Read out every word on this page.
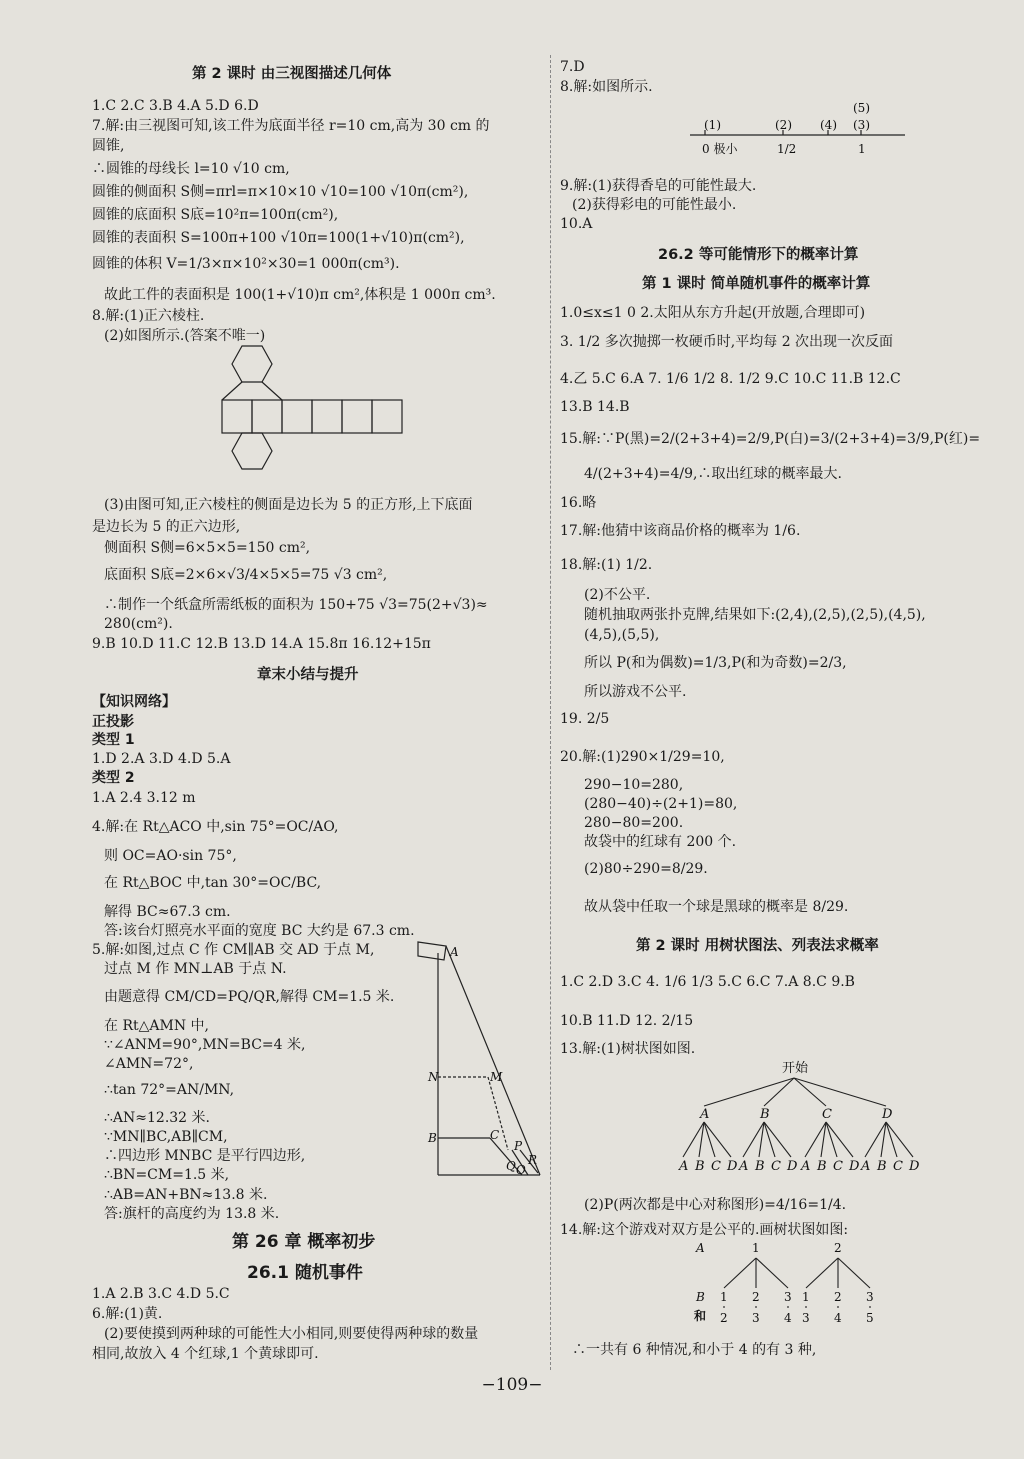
第 2 课时 由三视图描述几何体
1.C 2.C 3.B 4.A 5.D 6.D
7.解:由三视图可知,该工件为底面半径 r=10 cm,高为 30 cm 的
圆锥,
∴圆锥的母线长 l=10 √10 cm,
圆锥的侧面积 S侧=πrl=π×10×10 √10=100 √10π(cm²),
圆锥的底面积 S底=10²π=100π(cm²),
圆锥的表面积 S=100π+100 √10π=100(1+√10)π(cm²),
圆锥的体积 V=1/3×π×10²×30=1 000π(cm³).
故此工件的表面积是 100(1+√10)π cm²,体积是 1 000π cm³.
8.解:(1)正六棱柱.
(2)如图所示.(答案不唯一)
(3)由图可知,正六棱柱的侧面是边长为 5 的正方形,上下底面
是边长为 5 的正六边形,
侧面积 S侧=6×5×5=150 cm²,
底面积 S底=2×6×√3/4×5×5=75 √3 cm²,
∴制作一个纸盒所需纸板的面积为 150+75 √3=75(2+√3)≈
280(cm²).
9.B 10.D 11.C 12.B 13.D 14.A 15.8π 16.12+15π
章末小结与提升
【知识网络】
正投影
类型 1
1.D 2.A 3.D 4.D 5.A
类型 2
1.A 2.4 3.12 m
4.解:在 Rt△ACO 中,sin 75°=OC/AO,
则 OC=AO·sin 75°,
在 Rt△BOC 中,tan 30°=OC/BC,
解得 BC≈67.3 cm.
答:该台灯照亮水平面的宽度 BC 大约是 67.3 cm.
5.解:如图,过点 C 作 CM∥AB 交 AD 于点 M,
过点 M 作 MN⊥AB 于点 N.
由题意得 CM/CD=PQ/QR,解得 CM=1.5 米.
在 Rt△AMN 中,
∵∠ANM=90°,MN=BC=4 米,
∠AMN=72°,
∴tan 72°=AN/MN,
∴AN≈12.32 米.
∵MN∥BC,AB∥CM,
∴四边形 MNBC 是平行四边形,
∴BN=CM=1.5 米,
∴AB=AN+BN≈13.8 米.
答:旗杆的高度约为 13.8 米.
第 26 章 概率初步
26.1 随机事件
1.A 2.B 3.C 4.D 5.C
6.解:(1)黄.
(2)要使摸到两种球的可能性大小相同,则要使得两种球的数量
相同,故放入 4 个红球,1 个黄球即可.
7.D
8.解:如图所示.
9.解:(1)获得香皂的可能性最大.
(2)获得彩电的可能性最小.
10.A
26.2 等可能情形下的概率计算
第 1 课时 简单随机事件的概率计算
1.0≤x≤1 0 2.太阳从东方升起(开放题,合理即可)
3. 1/2 多次抛掷一枚硬币时,平均每 2 次出现一次反面
4.乙 5.C 6.A 7. 1/6 1/2 8. 1/2 9.C 10.C 11.B 12.C
13.B 14.B
15.解:∵P(黑)=2/(2+3+4)=2/9,P(白)=3/(2+3+4)=3/9,P(红)=
4/(2+3+4)=4/9,∴取出红球的概率最大.
16.略
17.解:他猜中该商品价格的概率为 1/6.
18.解:(1) 1/2.
(2)不公平.
随机抽取两张扑克牌,结果如下:(2,4),(2,5),(2,5),(4,5),
(4,5),(5,5),
所以 P(和为偶数)=1/3,P(和为奇数)=2/3,
所以游戏不公平.
19. 2/5
20.解:(1)290×1/29=10,
290−10=280,
(280−40)÷(2+1)=80,
280−80=200.
故袋中的红球有 200 个.
(2)80÷290=8/29.
故从袋中任取一个球是黑球的概率是 8/29.
第 2 课时 用树状图法、列表法求概率
1.C 2.D 3.C 4. 1/6 1/3 5.C 6.C 7.A 8.C 9.B
10.B 11.D 12. 2/15
13.解:(1)树状图如图.
(2)P(两次都是中心对称图形)=4/16=1/4.
14.解:这个游戏对双方是公平的.画树状图如图:
∴一共有 6 种情况,和小于 4 的有 3 种,
A
N	M
B	C
P
Q R
O
(1)	(2) (4)
(5)
(3)
0 极小	1/2	1
开始
A
A B C D
B
A B C D
C
A B C D
D
A B C D
A
B
和
1
1
2
2
3
3
4
2
1
3
2
4
3
5
−109−
